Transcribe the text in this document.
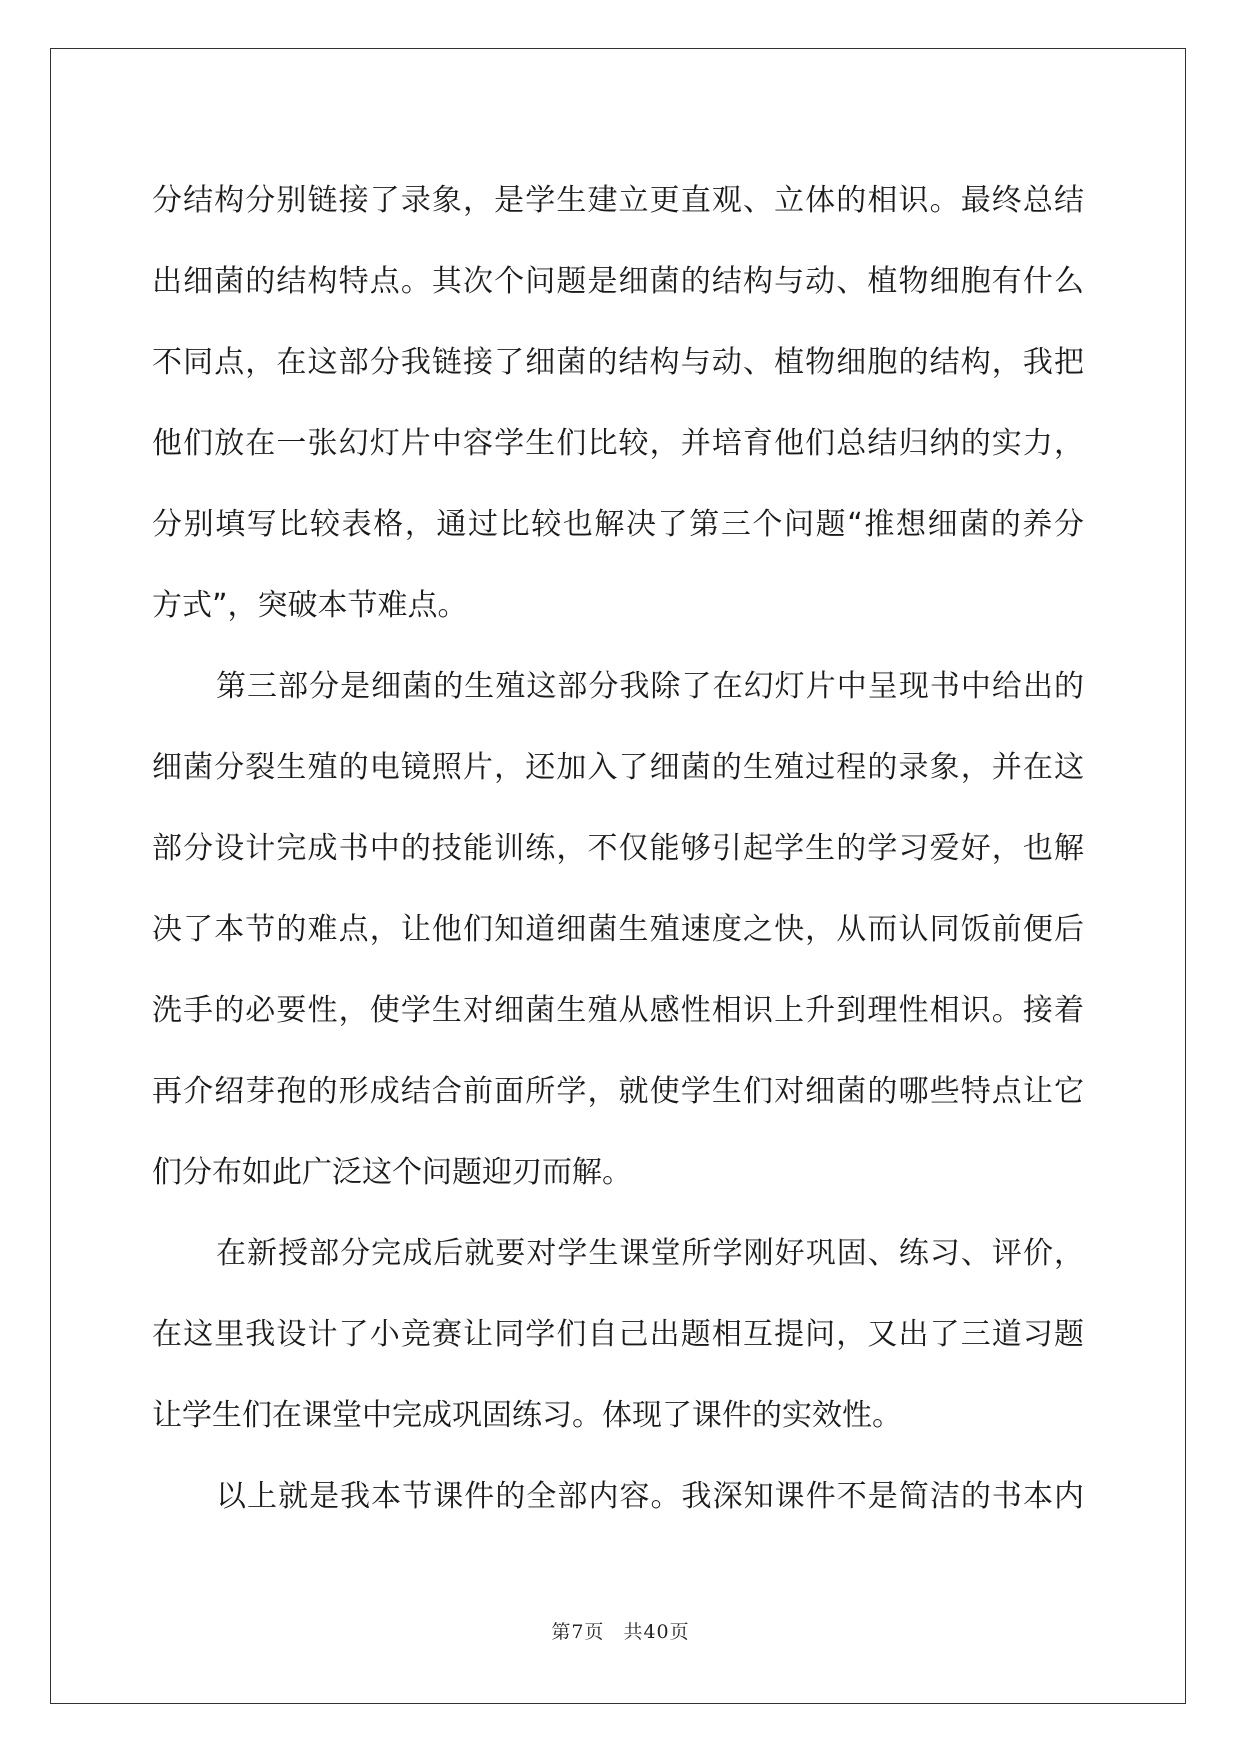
分结构分别链接了录象，是学生建立更直观、立体的相识。最终总结
出细菌的结构特点。其次个问题是细菌的结构与动、植物细胞有什么
不同点，在这部分我链接了细菌的结构与动、植物细胞的结构，我把
他们放在一张幻灯片中容学生们比较，并培育他们总结归纳的实力，
分别填写比较表格，通过比较也解决了第三个问题“推想细菌的养分
方式”，突破本节难点。
第三部分是细菌的生殖这部分我除了在幻灯片中呈现书中给出的
细菌分裂生殖的电镜照片，还加入了细菌的生殖过程的录象，并在这
部分设计完成书中的技能训练，不仅能够引起学生的学习爱好，也解
决了本节的难点，让他们知道细菌生殖速度之快，从而认同饭前便后
洗手的必要性，使学生对细菌生殖从感性相识上升到理性相识。接着
再介绍芽孢的形成结合前面所学，就使学生们对细菌的哪些特点让它
们分布如此广泛这个问题迎刃而解。
在新授部分完成后就要对学生课堂所学刚好巩固、练习、评价，
在这里我设计了小竞赛让同学们自己出题相互提问，又出了三道习题
让学生们在课堂中完成巩固练习。体现了课件的实效性。
以上就是我本节课件的全部内容。我深知课件不是简洁的书本内
第7页 共40页
